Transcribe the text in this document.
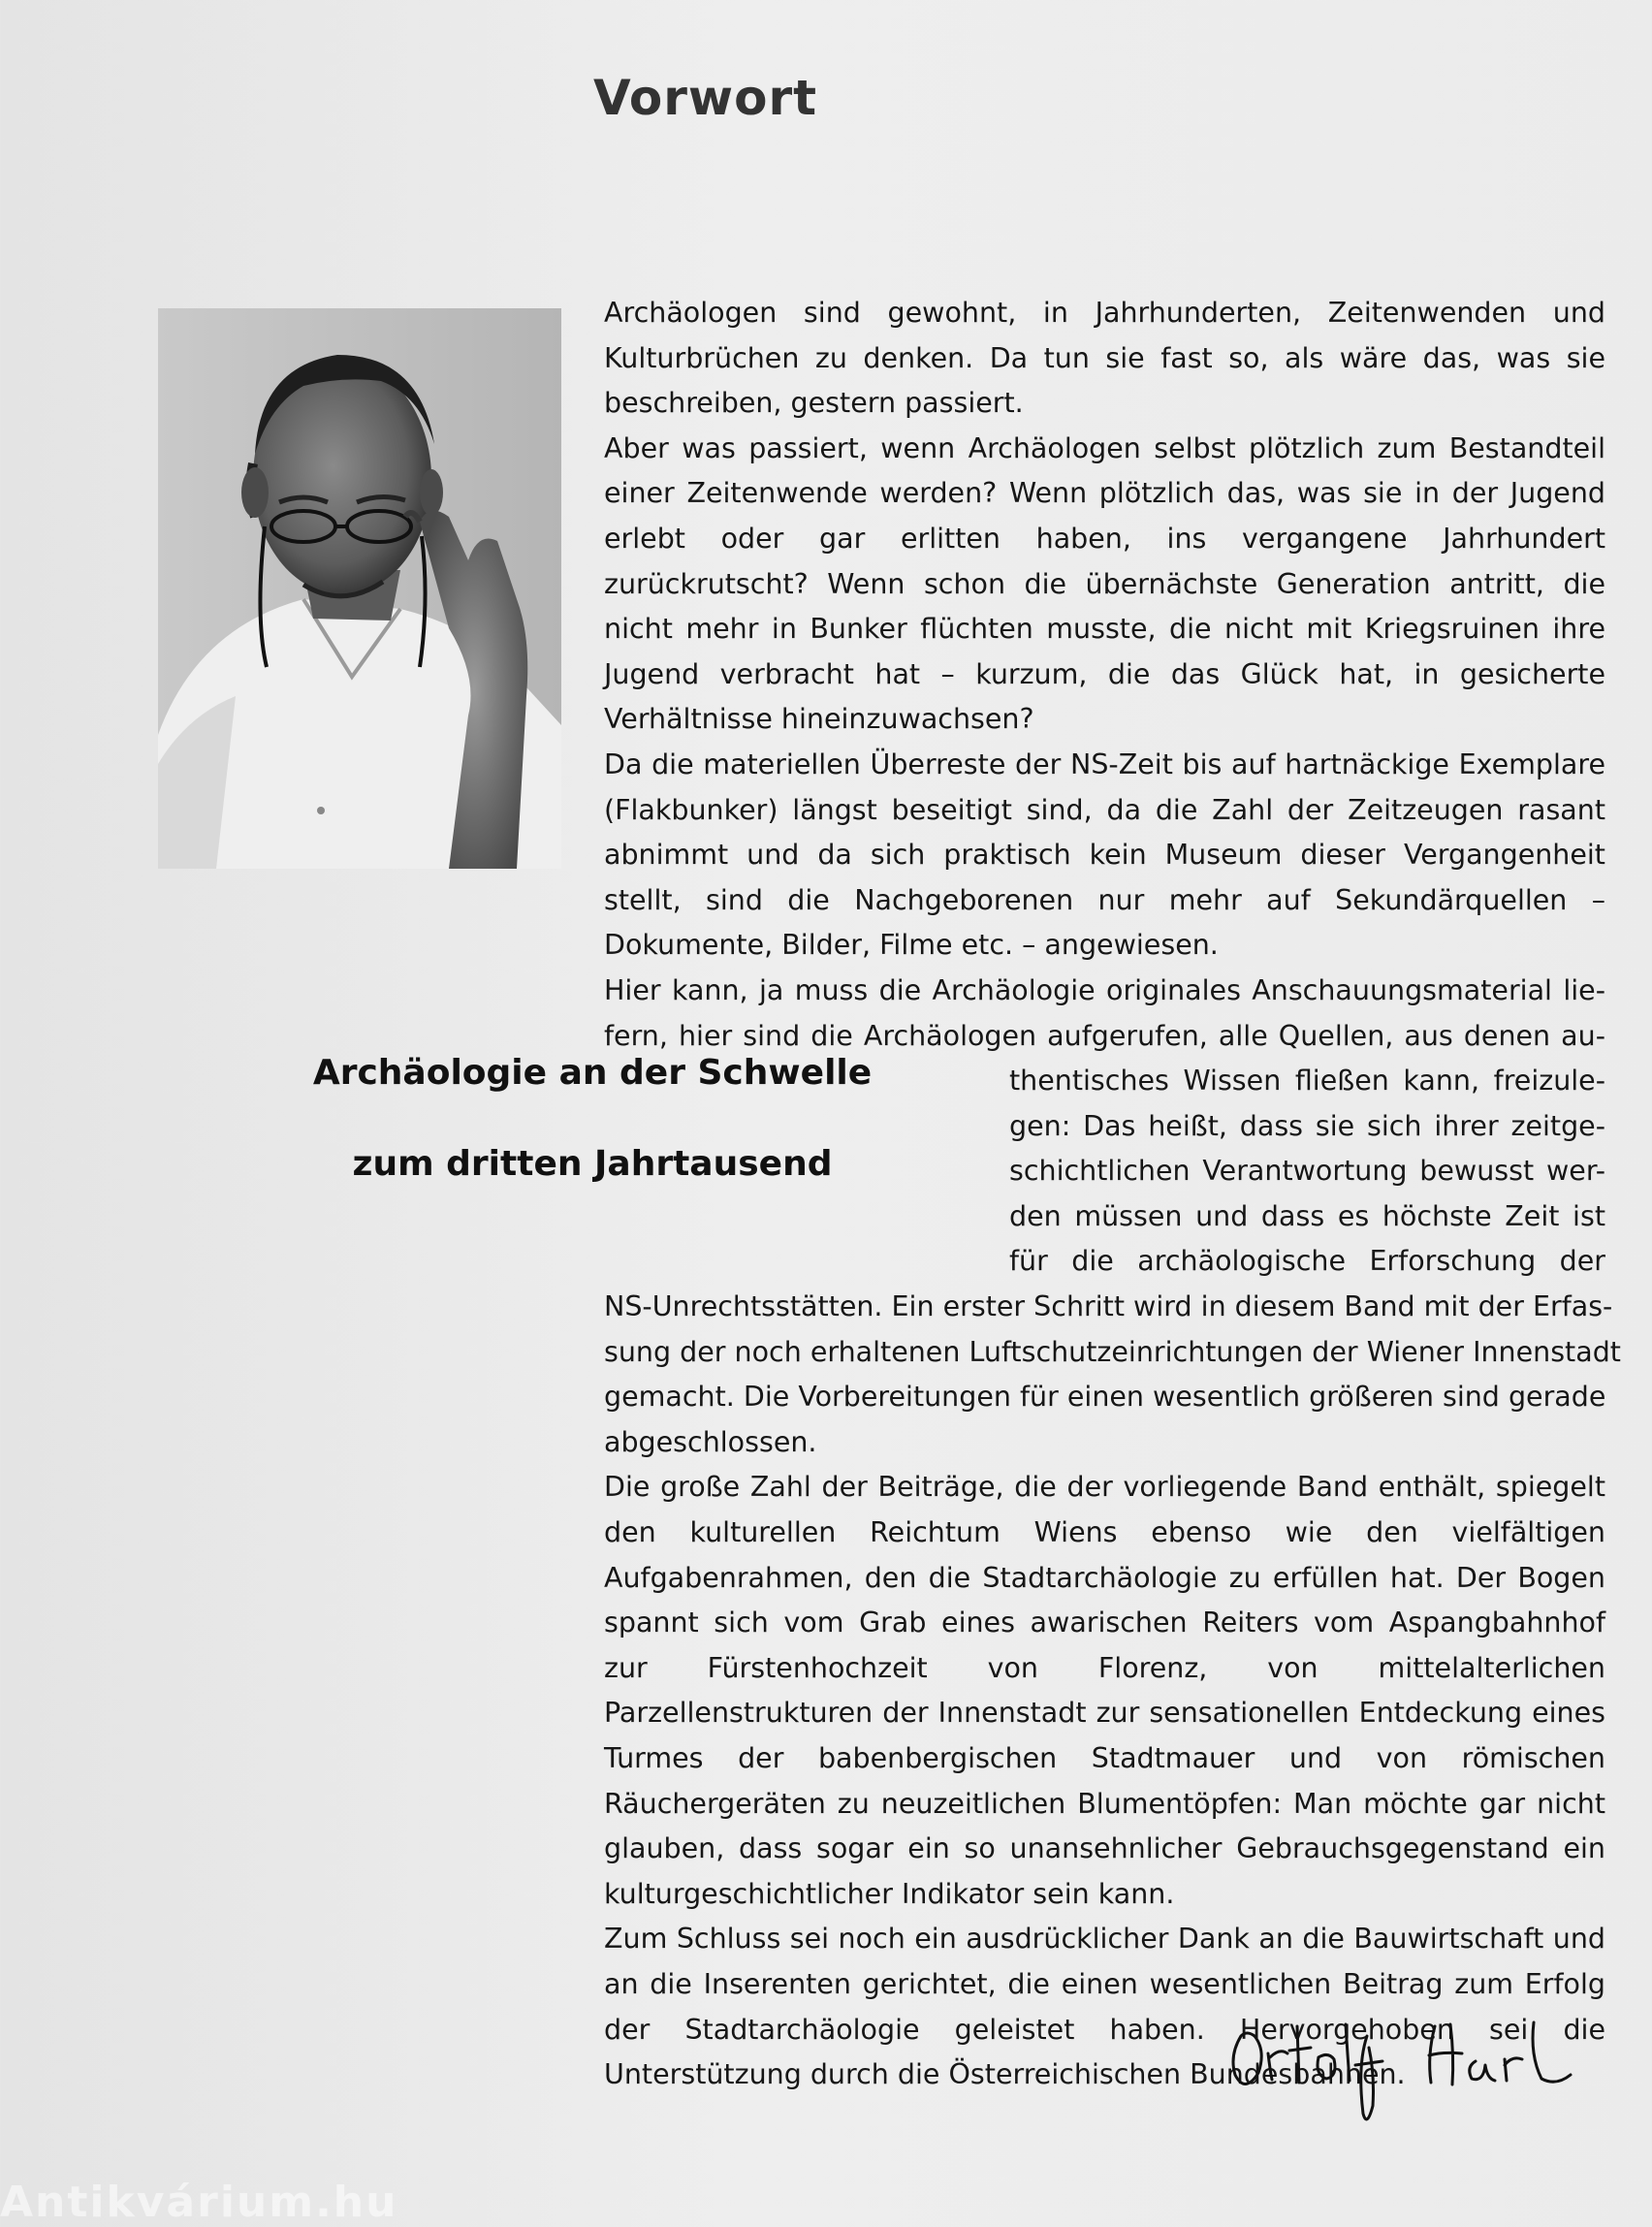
Vorwort

Archäologen sind gewohnt, in Jahrhunderten, Zeitenwenden und Kulturbrüchen zu denken. Da tun sie fast so, als wäre das, was sie beschreiben, gestern passiert.

Aber was passiert, wenn Archäologen selbst plötzlich zum Bestandteil einer Zeitenwende werden? Wenn plötzlich das, was sie in der Jugend erlebt oder gar erlitten haben, ins vergangene Jahrhundert zurückrutscht? Wenn schon die übernächste Generation antritt, die nicht mehr in Bunker flüchten musste, die nicht mit Kriegsruinen ihre Jugend verbracht hat – kurzum, die das Glück hat, in gesicherte Verhältnisse hineinzuwachsen?

Da die materiellen Überreste der NS-Zeit bis auf hartnäckige Exemplare (Flakbunker) längst beseitigt sind, da die Zahl der Zeitzeugen rasant abnimmt und da sich praktisch kein Museum dieser Vergangenheit stellt, sind die Nachgeborenen nur mehr auf Sekundärquellen – Dokumente, Bilder, Filme etc. – angewiesen.

Hier kann, ja muss die Archäologie originales Anschauungsmaterial lie-
fern, hier sind die Archäologen aufgerufen, alle Quellen, aus denen au-
thentisches Wissen fließen kann, freizule-
gen: Das heißt, dass sie sich ihrer zeitge-
schichtlichen Verantwortung bewusst wer-
den müssen und dass es höchste Zeit ist
für die archäologische Erforschung der
NS-Unrechtsstätten. Ein erster Schritt wird in diesem Band mit der Erfas-
sung der noch erhaltenen Luftschutzeinrichtungen der Wiener Innenstadt
gemacht. Die Vorbereitungen für einen wesentlich größeren sind gerade
abgeschlossen.

Die große Zahl der Beiträge, die der vorliegende Band enthält, spiegelt den kulturellen Reichtum Wiens ebenso wie den vielfältigen Aufgabenrahmen, den die Stadtarchäologie zu erfüllen hat. Der Bogen spannt sich vom Grab eines awarischen Reiters vom Aspangbahnhof zur Fürstenhochzeit von Florenz, von mittelalterlichen Parzellenstrukturen der Innenstadt zur sensationellen Entdeckung eines Turmes der babenbergischen Stadtmauer und von römischen Räuchergeräten zu neuzeitlichen Blumentöpfen: Man möchte gar nicht glauben, dass sogar ein so unansehnlicher Gebrauchsgegenstand ein kulturgeschichtlicher Indikator sein kann.

Zum Schluss sei noch ein ausdrücklicher Dank an die Bauwirtschaft und an die Inserenten gerichtet, die einen wesentlichen Beitrag zum Erfolg der Stadtarchäologie geleistet haben. Hervorgehoben sei die Unterstützung durch die Österreichischen Bundesbahnen.

Archäologie an der Schwelle
zum dritten Jahrtausend
Antikvárium.hu
